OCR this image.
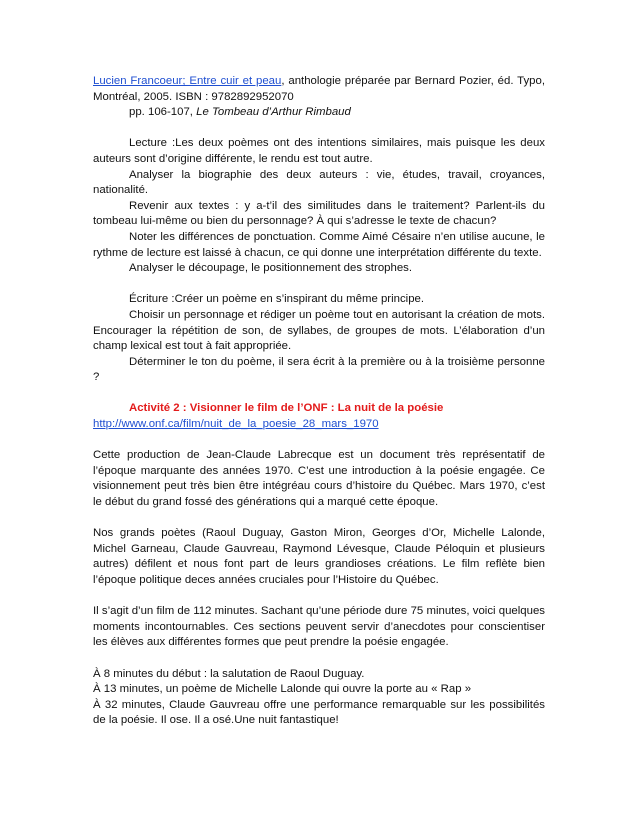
Lucien Francoeur; Entre cuir et peau, anthologie préparée par Bernard Pozier, éd. Typo, Montréal, 2005. ISBN : 9782892952070

pp. 106-107, Le Tombeau d’Arthur Rimbaud

Lecture :Les deux poèmes ont des intentions similaires, mais puisque les deux auteurs sont d’origine différente, le rendu est tout autre.

Analyser la biographie des deux auteurs : vie, études, travail, croyances, nationalité.

Revenir aux textes : y a-t’il des similitudes dans le traitement? Parlent-ils du tombeau lui-même ou bien du personnage? À qui s’adresse le texte de chacun?

Noter les différences de ponctuation. Comme Aimé Césaire n’en utilise aucune, le rythme de lecture est laissé à chacun, ce qui donne une interprétation différente du texte.

Analyser le découpage, le positionnement des strophes.

Écriture :Créer un poème en s’inspirant du même principe.

Choisir un personnage et rédiger un poème tout en autorisant la création de mots. Encourager la répétition de son, de syllabes, de groupes de mots. L’élaboration d’un champ lexical est tout à fait appropriée.

Déterminer le ton du poème, il sera écrit à la première ou à la troisième personne ?

Activité 2 : Visionner le film de l’ONF : La nuit de la poésie

http://www.onf.ca/film/nuit_de_la_poesie_28_mars_1970

Cette production de Jean-Claude Labrecque est un document très représentatif de l’époque marquante des années 1970. C’est une introduction à la poésie engagée. Ce visionnement peut très bien être intégréau cours d’histoire du Québec. Mars 1970, c’est le début du grand fossé des générations qui a marqué cette époque.

Nos grands poètes (Raoul Duguay, Gaston Miron, Georges d’Or, Michelle Lalonde, Michel Garneau, Claude Gauvreau, Raymond Lévesque, Claude Péloquin et plusieurs autres) défilent et nous font part de leurs grandioses créations. Le film reflète bien l’époque politique deces années cruciales pour l’Histoire du Québec.

Il s’agit d’un film de 112 minutes. Sachant qu’une période dure 75 minutes, voici quelques moments incontournables. Ces sections peuvent servir d’anecdotes pour conscientiser les élèves aux différentes formes que peut prendre la poésie engagée.

À 8 minutes du début : la salutation de Raoul Duguay.

À 13 minutes, un poème de Michelle Lalonde qui ouvre la porte au « Rap »

À 32 minutes, Claude Gauvreau offre une performance remarquable sur les possibilités de la poésie. Il ose. Il a osé.Une nuit fantastique!
